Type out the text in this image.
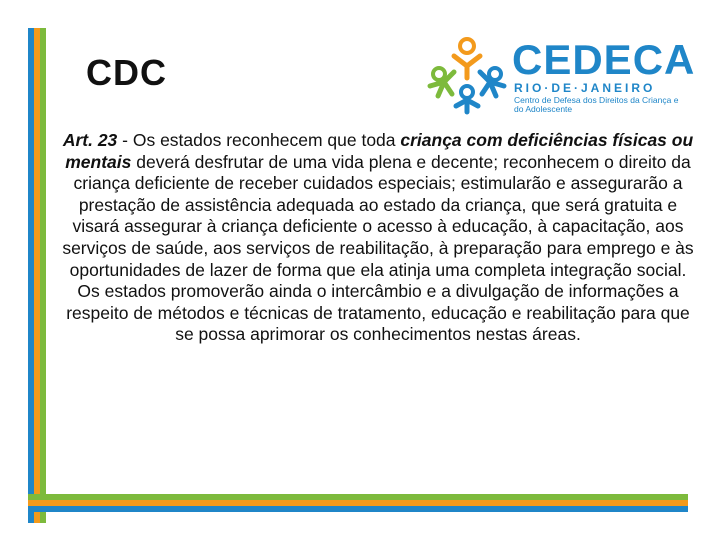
CDC	CEDECA
RIO·DE·JANEIRO
Centro de Defesa dos Direitos da Criança e do Adolescente

Art. 23 - Os estados reconhecem que toda criança com deficiências físicas ou mentais deverá desfrutar de uma vida plena e decente; reconhecem o direito da criança deficiente de receber cuidados especiais; estimularão e assegurarão a prestação de assistência adequada ao estado da criança, que será gratuita e visará assegurar à criança deficiente o acesso à educação, à capacitação, aos serviços de saúde, aos serviços de reabilitação, à preparação para emprego e às oportunidades de lazer de forma que ela atinja uma completa integração social. Os estados promoverão ainda o intercâmbio e a divulgação de informações a respeito de métodos e técnicas de tratamento, educação e reabilitação para que se possa aprimorar os conhecimentos nestas áreas.
